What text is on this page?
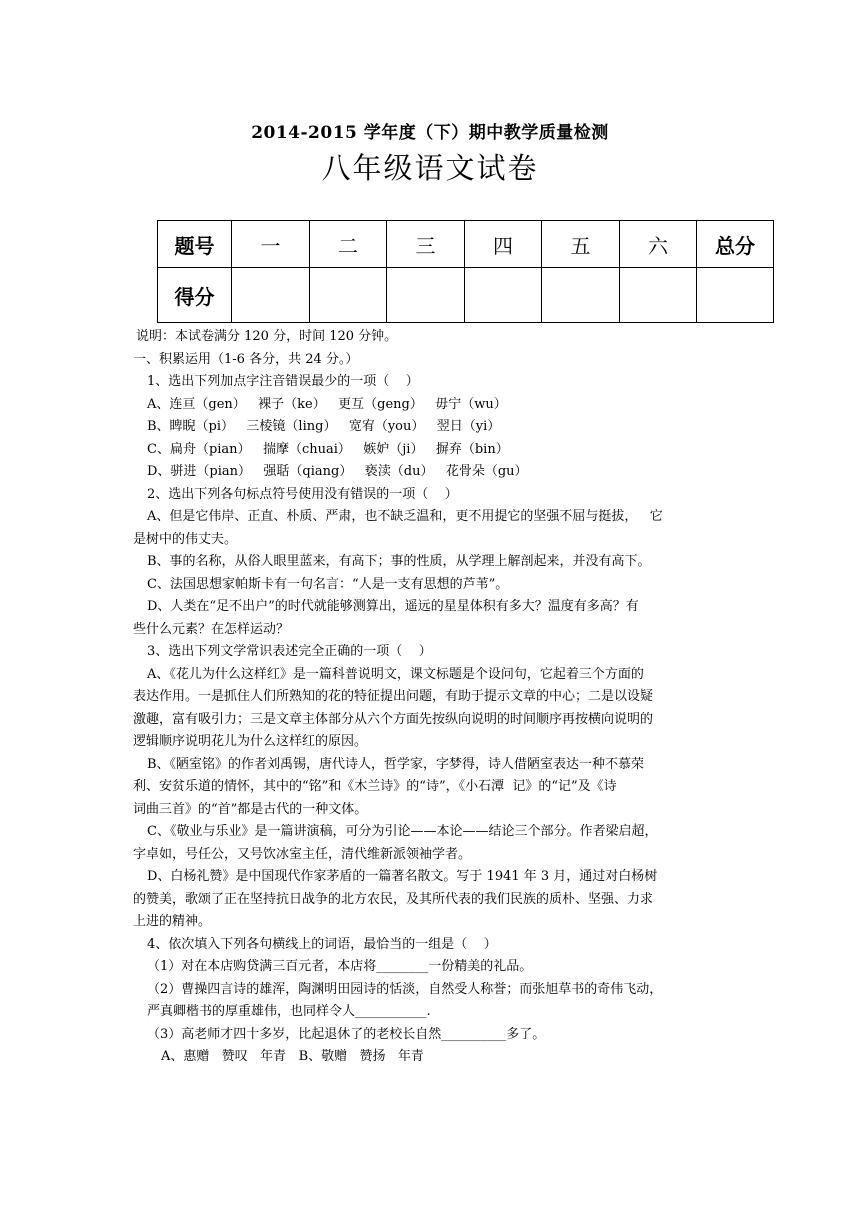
2014-2015 学年度（下）期中教学质量检测
八年级语文试卷
题号	一	二	三	四	五	六	总分
得分							

说明：本试卷满分 120 分，时间 120 分钟。

一、积累运用（1-6 各分，共 24 分。）

1、选出下列加点字注音错误最少的一项（    ）

A、连亘（gen）   裸子（ke）   更互（geng）   毋宁（wu）

B、睥睨（pi）   三棱镜（ling）   宽宥（you）   翌日（yi）

C、扁舟（pian）   揣摩（chuai）   嫉妒（ji）   摒弃（bin）

D、骈进（pian）   强聒（qiang）   亵渎（du）   花骨朵（gu）

2、选出下列各句标点符号使用没有错误的一项（    ）

A、但是它伟岸、正直、朴质、严肃，也不缺乏温和，更不用提它的坚强不屈与挺拔，   它

是树中的伟丈夫。

B、事的名称，从俗人眼里蓝来，有高下；事的性质，从学理上解剖起来，并没有高下。

C、法国思想家帕斯卡有一句名言：“人是一支有思想的芦苇”。

D、人类在“足不出户”的时代就能够测算出，遥远的星星体积有多大？温度有多高？有

些什么元素？在怎样运动？

3、选出下列文学常识表述完全正确的一项（    ）

A、《花儿为什么这样红》是一篇科普说明文，课文标题是个设问句，它起着三个方面的

表达作用。一是抓住人们所熟知的花的特征提出问题，有助于提示文章的中心；二是以设疑

激趣，富有吸引力；三是文章主体部分从六个方面先按纵向说明的时间顺序再按横向说明的

逻辑顺序说明花儿为什么这样红的原因。

B、《陋室铭》的作者刘禹锡，唐代诗人，哲学家，字梦得，诗人借陋室表达一种不慕荣

利、安贫乐道的情怀，其中的“铭”和《木兰诗》的“诗”，《小石潭  记》的“记”及《诗

词曲三首》的“首”都是古代的一种文体。

C、《敬业与乐业》是一篇讲演稿，可分为引论——本论——结论三个部分。作者梁启超，

字卓如，号任公，又号饮冰室主任，清代维新派领袖学者。

D、白杨礼赞》是中国现代作家茅盾的一篇著名散文。写于 1941 年 3 月，通过对白杨树

的赞美，歌颂了正在坚持抗日战争的北方农民，及其所代表的我们民族的质朴、坚强、力求

上进的精神。

4、依次填入下列各句横线上的词语，最恰当的一组是（    ）

（1）对在本店购贷满三百元者，本店将________一份精美的礼品。

（2）曹操四言诗的雄浑，陶渊明田园诗的恬淡，自然受人称誉；而张旭草书的奇伟飞动，

严真卿楷书的厚重雄伟，也同样令人___________.

（3）高老师才四十多岁，比起退休了的老校长自然__________多了。

A、惠赠   赞叹   年青   B、敬赠   赞扬   年青
